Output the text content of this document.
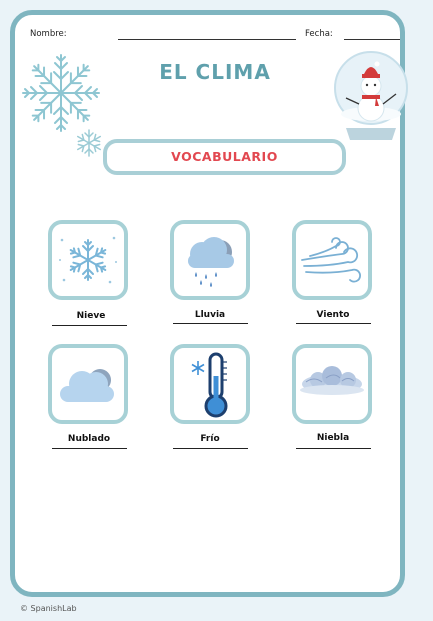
Nombre:	Fecha:
EL CLIMA
VOCABULARIO
Nieve	Lluvia	Viento
Nublado	Frío	Niebla
© SpanishLab
